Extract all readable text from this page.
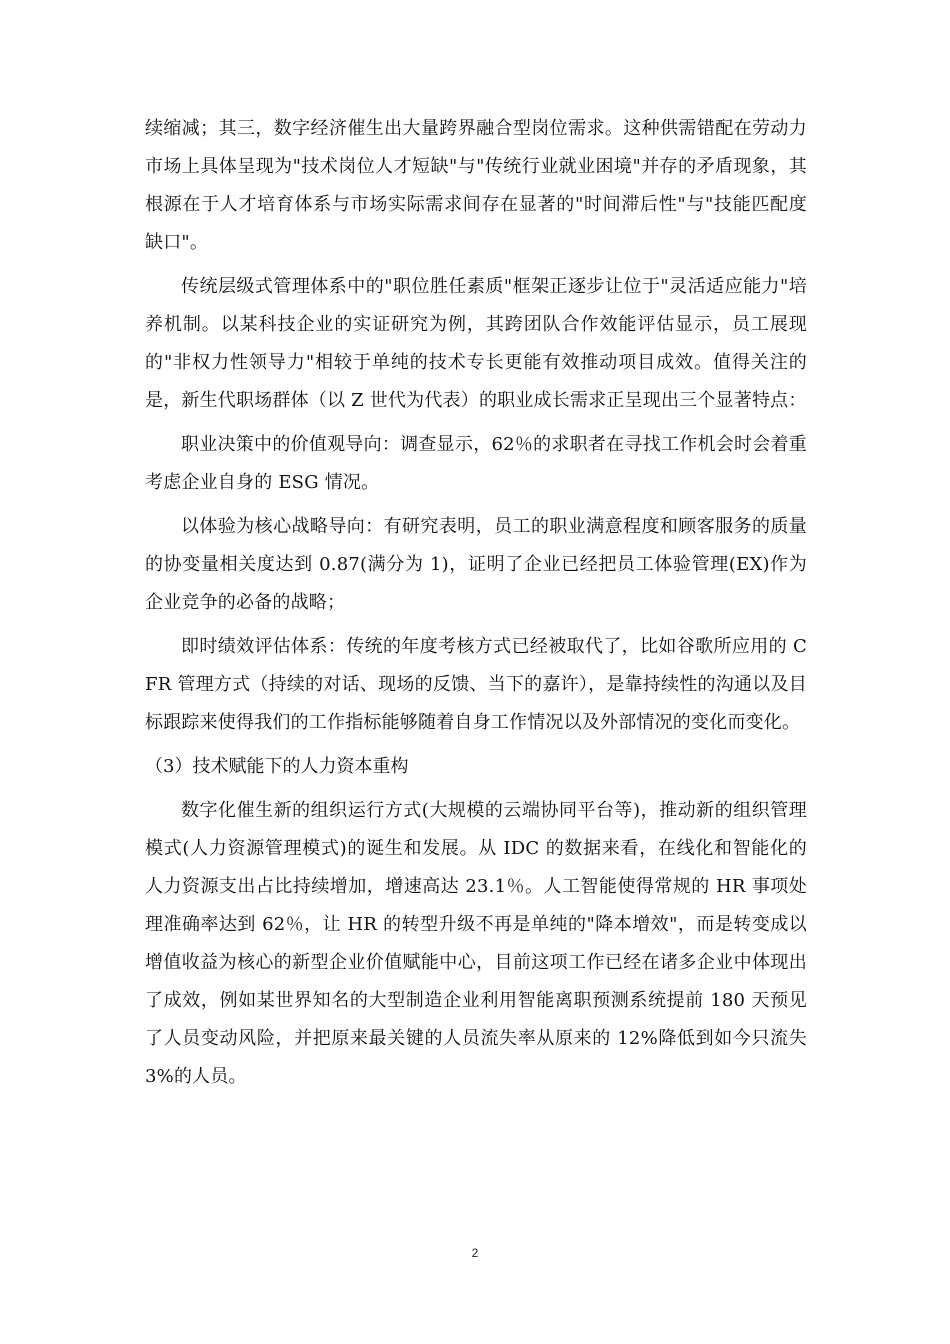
续缩减；其三，数字经济催生出大量跨界融合型岗位需求。这种供需错配在劳动力市场上具体呈现为"技术岗位人才短缺"与"传统行业就业困境"并存的矛盾现象，其根源在于人才培育体系与市场实际需求间存在显著的"时间滞后性"与"技能匹配度缺口"。

传统层级式管理体系中的"职位胜任素质"框架正逐步让位于"灵活适应能力"培养机制。以某科技企业的实证研究为例，其跨团队合作效能评估显示，员工展现的"非权力性领导力"相较于单纯的技术专长更能有效推动项目成效。值得关注的是，新生代职场群体（以 Z 世代为代表）的职业成长需求正呈现出三个显著特点：

职业决策中的价值观导向：调查显示，62％的求职者在寻找工作机会时会着重考虑企业自身的 ESG 情况。

以体验为核心战略导向：有研究表明，员工的职业满意程度和顾客服务的质量的协变量相关度达到 0.87(满分为 1)，证明了企业已经把员工体验管理(EX)作为企业竞争的必备的战略；

即时绩效评估体系：传统的年度考核方式已经被取代了，比如谷歌所应用的 CFR 管理方式（持续的对话、现场的反馈、当下的嘉许），是靠持续性的沟通以及目标跟踪来使得我们的工作指标能够随着自身工作情况以及外部情况的变化而变化。

（3）技术赋能下的人力资本重构

数字化催生新的组织运行方式(大规模的云端协同平台等)，推动新的组织管理模式(人力资源管理模式)的诞生和发展。从 IDC 的数据来看，在线化和智能化的人力资源支出占比持续增加，增速高达 23.1％。人工智能使得常规的 HR 事项处理准确率达到 62％，让 HR 的转型升级不再是单纯的"降本增效"，而是转变成以增值收益为核心的新型企业价值赋能中心，目前这项工作已经在诸多企业中体现出了成效，例如某世界知名的大型制造企业利用智能离职预测系统提前 180 天预见了人员变动风险，并把原来最关键的人员流失率从原来的 12%降低到如今只流失 3%的人员。

2
